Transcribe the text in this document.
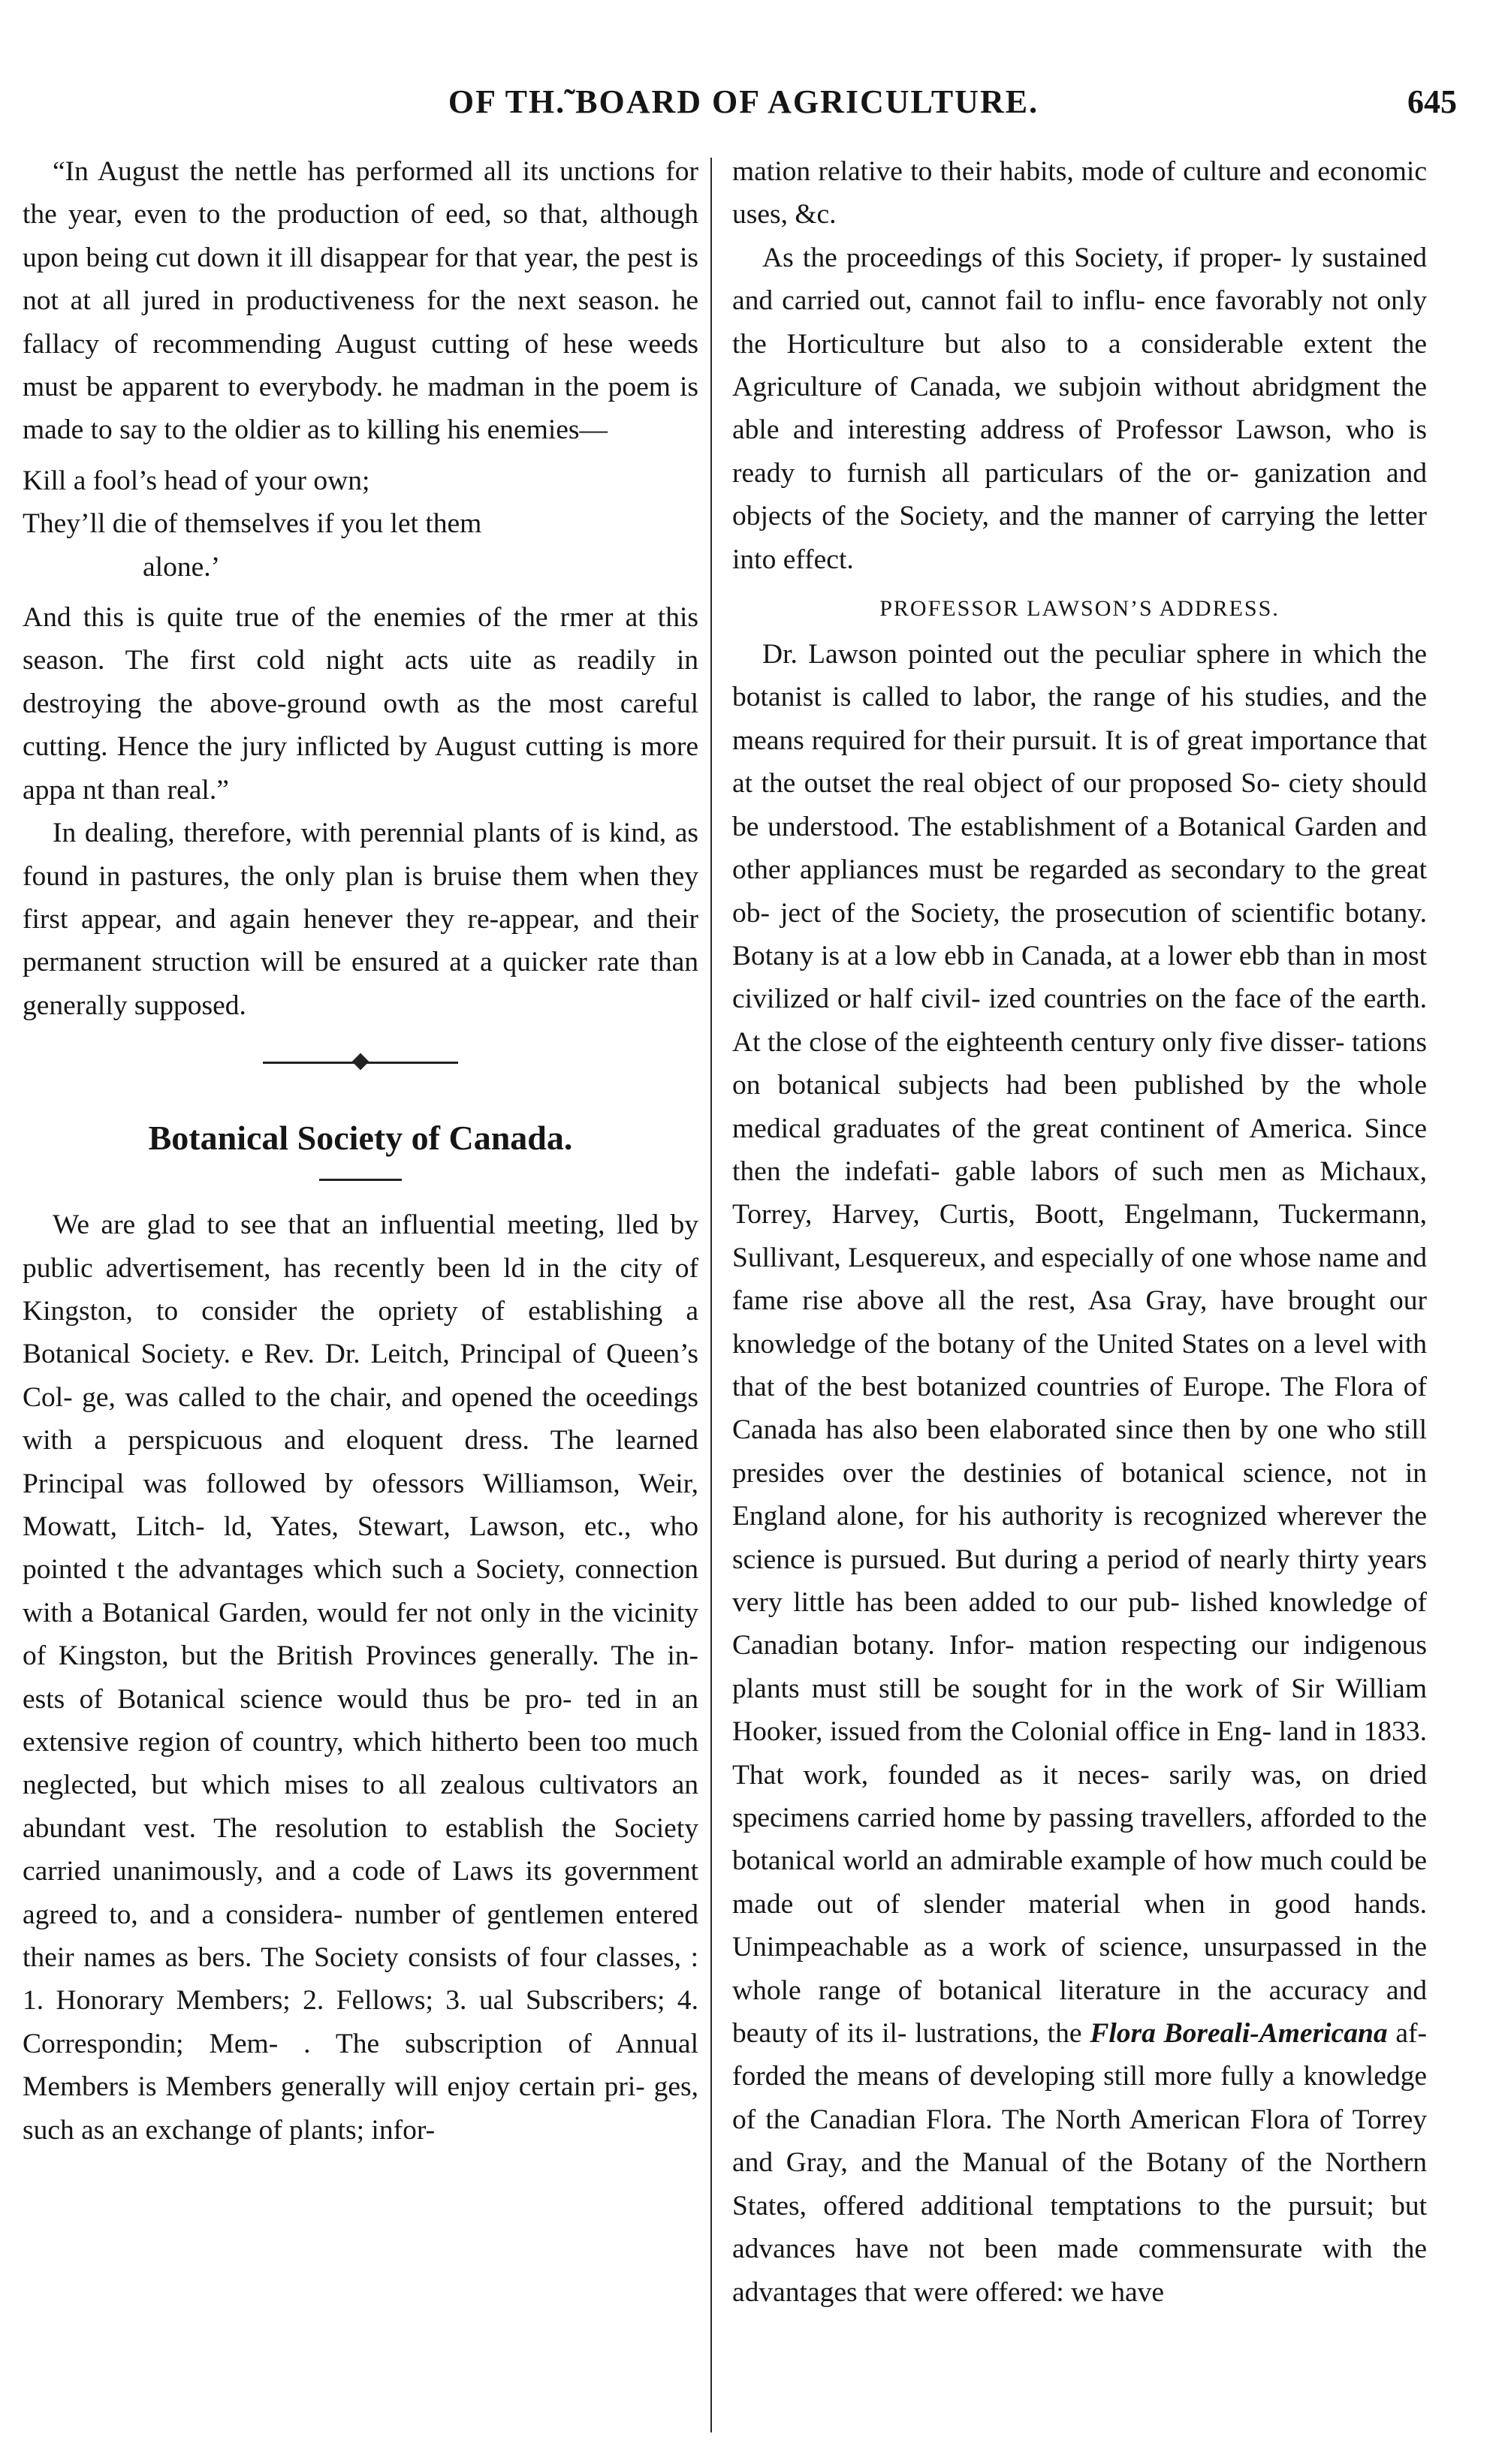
OF TH.̃ BOARD OF AGRICULTURE.	645

“In August the nettle has performed all its unctions for the year, even to the production of eed, so that, although upon being cut down it ill disappear for that year, the pest is not at all jured in productiveness for the next season. he fallacy of recommending August cutting of hese weeds must be apparent to everybody. he madman in the poem is made to say to the oldier as to killing his enemies—

Kill a fool’s head of your own;
They’ll die of themselves if you let them
alone.’

And this is quite true of the enemies of the rmer at this season. The first cold night acts uite as readily in destroying the above-ground owth as the most careful cutting. Hence the jury inflicted by August cutting is more appa nt than real.”

In dealing, therefore, with perennial plants of is kind, as found in pastures, the only plan is bruise them when they first appear, and again henever they re-appear, and their permanent struction will be ensured at a quicker rate than generally supposed.

Botanical Society of Canada.

We are glad to see that an influential meeting, lled by public advertisement, has recently been ld in the city of Kingston, to consider the opriety of establishing a Botanical Society. e Rev. Dr. Leitch, Principal of Queen’s Col- ge, was called to the chair, and opened the oceedings with a perspicuous and eloquent dress. The learned Principal was followed by ofessors Williamson, Weir, Mowatt, Litch- ld, Yates, Stewart, Lawson, etc., who pointed t the advantages which such a Society, connection with a Botanical Garden, would fer not only in the vicinity of Kingston, but the British Provinces generally. The in- ests of Botanical science would thus be pro- ted in an extensive region of country, which hitherto been too much neglected, but which mises to all zealous cultivators an abundant vest. The resolution to establish the Society carried unanimously, and a code of Laws its government agreed to, and a considera- number of gentlemen entered their names as bers. The Society consists of four classes, : 1. Honorary Members; 2. Fellows; 3. ual Subscribers; 4. Correspondin; Mem- . The subscription of Annual Members is Members generally will enjoy certain pri- ges, such as an exchange of plants; infor-

mation relative to their habits, mode of culture and economic uses, &c.

As the proceedings of this Society, if proper- ly sustained and carried out, cannot fail to influ- ence favorably not only the Horticulture but also to a considerable extent the Agriculture of Canada, we subjoin without abridgment the able and interesting address of Professor Lawson, who is ready to furnish all particulars of the or- ganization and objects of the Society, and the manner of carrying the letter into effect.

PROFESSOR LAWSON’S ADDRESS.

Dr. Lawson pointed out the peculiar sphere in which the botanist is called to labor, the range of his studies, and the means required for their pursuit. It is of great importance that at the outset the real object of our proposed So- ciety should be understood. The establishment of a Botanical Garden and other appliances must be regarded as secondary to the great ob- ject of the Society, the prosecution of scientific botany. Botany is at a low ebb in Canada, at a lower ebb than in most civilized or half civil- ized countries on the face of the earth. At the close of the eighteenth century only five disser- tations on botanical subjects had been published by the whole medical graduates of the great continent of America. Since then the indefati- gable labors of such men as Michaux, Torrey, Harvey, Curtis, Boott, Engelmann, Tuckermann, Sullivant, Lesquereux, and especially of one whose name and fame rise above all the rest, Asa Gray, have brought our knowledge of the botany of the United States on a level with that of the best botanized countries of Europe. The Flora of Canada has also been elaborated since then by one who still presides over the destinies of botanical science, not in England alone, for his authority is recognized wherever the science is pursued. But during a period of nearly thirty years very little has been added to our pub- lished knowledge of Canadian botany. Infor- mation respecting our indigenous plants must still be sought for in the work of Sir William Hooker, issued from the Colonial office in Eng- land in 1833. That work, founded as it neces- sarily was, on dried specimens carried home by passing travellers, afforded to the botanical world an admirable example of how much could be made out of slender material when in good hands. Unimpeachable as a work of science, unsurpassed in the whole range of botanical literature in the accuracy and beauty of its il- lustrations, the Flora Boreali-Americana af- forded the means of developing still more fully a knowledge of the Canadian Flora. The North American Flora of Torrey and Gray, and the Manual of the Botany of the Northern States, offered additional temptations to the pursuit; but advances have not been made commensurate with the advantages that were offered: we have
